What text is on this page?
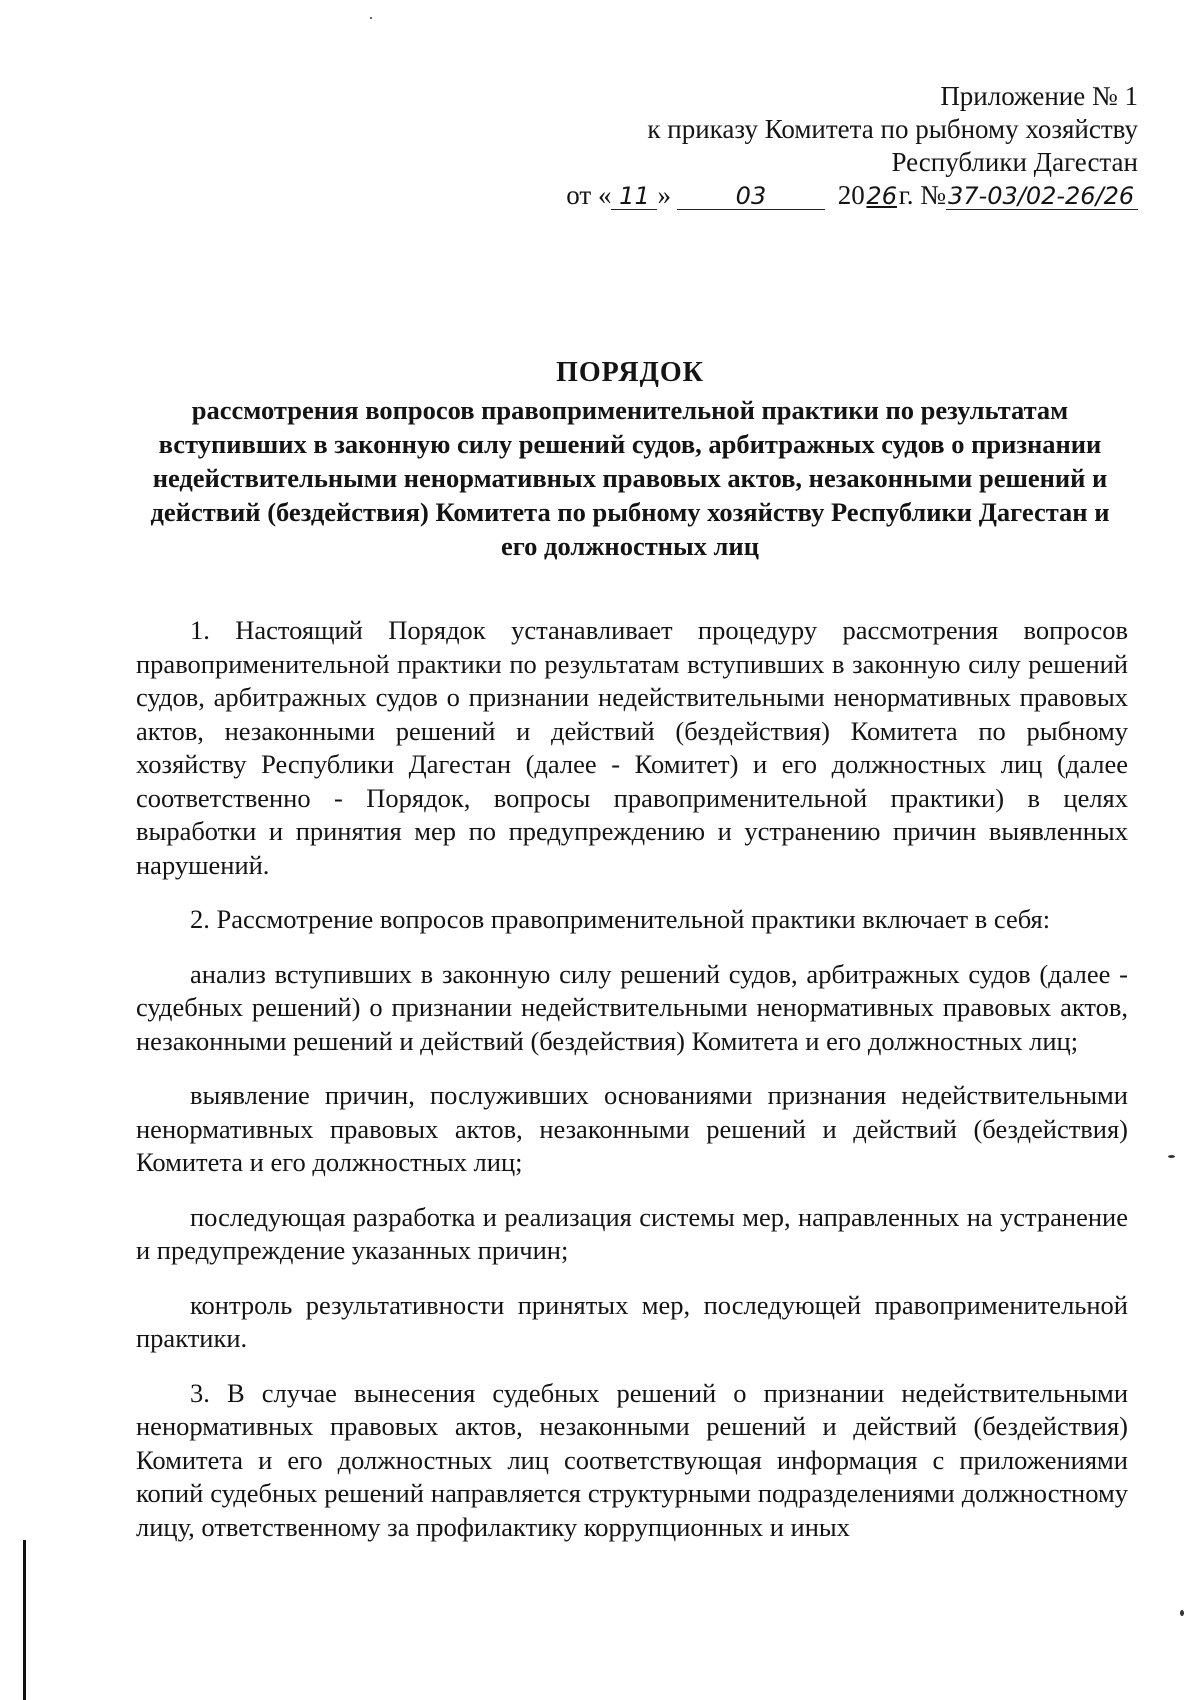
Приложение № 1
к приказу Комитета по рыбному хозяйству
Республики Дагестан
от « 11 »	03	2026г. №37-03/02-26/26
ПОРЯДОК
рассмотрения вопросов правоприменительной практики по результатам вступивших в законную силу решений судов, арбитражных судов о признании недействительными ненормативных правовых актов, незаконными решений и действий (бездействия) Комитета по рыбному хозяйству Республики Дагестан и его должностных лиц

1. Настоящий Порядок устанавливает процедуру рассмотрения вопросов правоприменительной практики по результатам вступивших в законную силу решений судов, арбитражных судов о признании недействительными ненормативных правовых актов, незаконными решений и действий (бездействия) Комитета по рыбному хозяйству Республики Дагестан (далее - Комитет) и его должностных лиц (далее соответственно - Порядок, вопросы правоприменительной практики) в целях выработки и принятия мер по предупреждению и устранению причин выявленных нарушений.

2. Рассмотрение вопросов правоприменительной практики включает в себя:

анализ вступивших в законную силу решений судов, арбитражных судов (далее - судебных решений) о признании недействительными ненормативных правовых актов, незаконными решений и действий (бездействия) Комитета и его должностных лиц;

выявление причин, послуживших основаниями признания недействительными ненормативных правовых актов, незаконными решений и действий (бездействия) Комитета и его должностных лиц;

последующая разработка и реализация системы мер, направленных на устранение и предупреждение указанных причин;

контроль результативности принятых мер, последующей правоприменительной практики.

3. В случае вынесения судебных решений о признании недействительными ненормативных правовых актов, незаконными решений и действий (бездействия) Комитета и его должностных лиц соответствующая информация с приложениями копий судебных решений направляется структурными подразделениями должностному лицу, ответственному за профилактику коррупционных и иных
